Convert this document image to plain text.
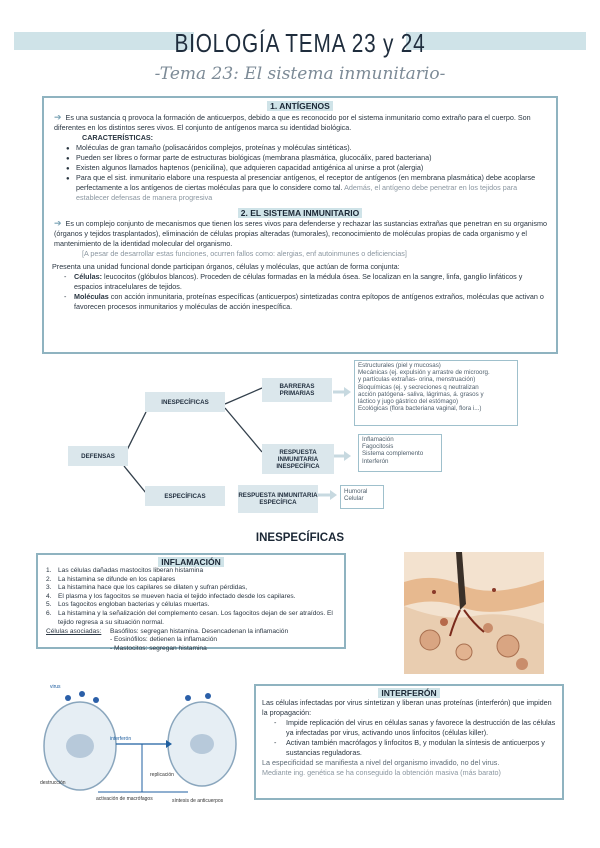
BIOLOGÍA TEMA 23 y 24
-Tema 23: El sistema inmunitario-
1. ANTÍGENOS
➔ Es una sustancia q provoca la formación de anticuerpos, debido a que es reconocido por el sistema inmunitario como extraño para el cuerpo. Son diferentes en los distintos seres vivos. El conjunto de antígenos marca su identidad biológica.
CARACTERÍSTICAS:
● Moléculas de gran tamaño (polisacáridos complejos, proteínas y moléculas sintéticas).
● Pueden ser libres o formar parte de estructuras biológicas (membrana plasmática, glucocálix, pared bacteriana)
● Existen algunos llamados haptenos (penicilina), que adquieren capacidad antigénica al unirse a prot (alergia)
● Para que el sist. inmunitario elabore una respuesta al presenciar antígenos, el receptor de antígenos (en membrana plasmática) debe acoplarse perfectamente a los antígenos de ciertas moléculas para que lo considere como tal. Además, el antígeno debe penetrar en los tejidos para establecer defensas de manera progresiva
2. EL SISTEMA INMUNITARIO
➔ Es un complejo conjunto de mecanismos que tienen los seres vivos para defenderse y rechazar las sustancias extrañas que penetran en su organismo (órganos y tejidos trasplantados), eliminación de células propias alteradas (tumorales), reconocimiento de moléculas propias de cada organismo y el mantenimiento de la identidad molecular del organismo.
[A pesar de desarrollar estas funciones, ocurren fallos como: alergias, enf autoinmunes o deficiencias]
Presenta una unidad funcional donde participan órganos, células y moléculas, que actúan de forma conjunta:
- Células: leucocitos (glóbulos blancos). Proceden de células formadas en la médula ósea. Se localizan en la sangre, linfa, ganglio linfáticos y espacios intracelulares de tejidos.
- Moléculas con acción inmunitaria, proteínas específicas (anticuerpos) sintetizadas contra epítopos de antígenos extraños, moléculas que activan o favorecen procesos inmunitarios y moléculas de acción inespecífica.
DEFENSAS
INESPECÍFICAS
ESPECÍFICAS
BARRERAS PRIMARIAS
RESPUESTA INMUNITARIA INESPECÍFICA
RESPUESTA INMUNITARIA ESPECÍFICA
Estructurales (piel y mucosas)
Mecánicas (ej. expulsión y arrastre de microorg.
y partículas extrañas- orina, menstruación)
Bioquímicas (ej. y secreciones q neutralizan
acción patógena- saliva, lágrimas, á. grasos y
láctico y jugo gástrico del estómago)
Ecológicas (flora bacteriana vaginal, flora i...)
Inflamación
Fagocitosis
Sistema complemento
Interferón
Humoral
Celular
INESPECÍFICAS
INFLAMACIÓN
1. Las células dañadas mastocitos liberan histamina
2. La histamina se difunde en los capilares
3. La histamina hace que los capilares se dilaten y sufran pérdidas,
4. El plasma y los fagocitos se mueven hacia el tejido infectado desde los capilares.
5. Los fagocitos engloban bacterias y células muertas.
6. La histamina y la señalización del complemento cesan. Los fagocitos dejan de ser atraídos. El tejido regresa a su situación normal.
Células asociadas:	Basófilos: segregan histamina. Desencadenan la inflamación
- Eosinófilos: detienen la inflamación
- Mastocitos: segregan histamina
interferón
virus
destrucción
activación de macrófagos
replicación
síntesis de anticuerpos
INTERFERÓN
Las células infectadas por virus sintetizan y liberan unas proteínas (interferón) que impiden la propagación:
- Impide replicación del virus en células sanas y favorece la destrucción de las células ya infectadas por virus, activando unos linfocitos (células killer).
- Activan también macrófagos y linfocitos B, y modulan la síntesis de anticuerpos y sustancias reguladoras.
La especificidad se manifiesta a nivel del organismo invadido, no del virus.
Mediante ing. genética se ha conseguido la obtención masiva (más barato)
